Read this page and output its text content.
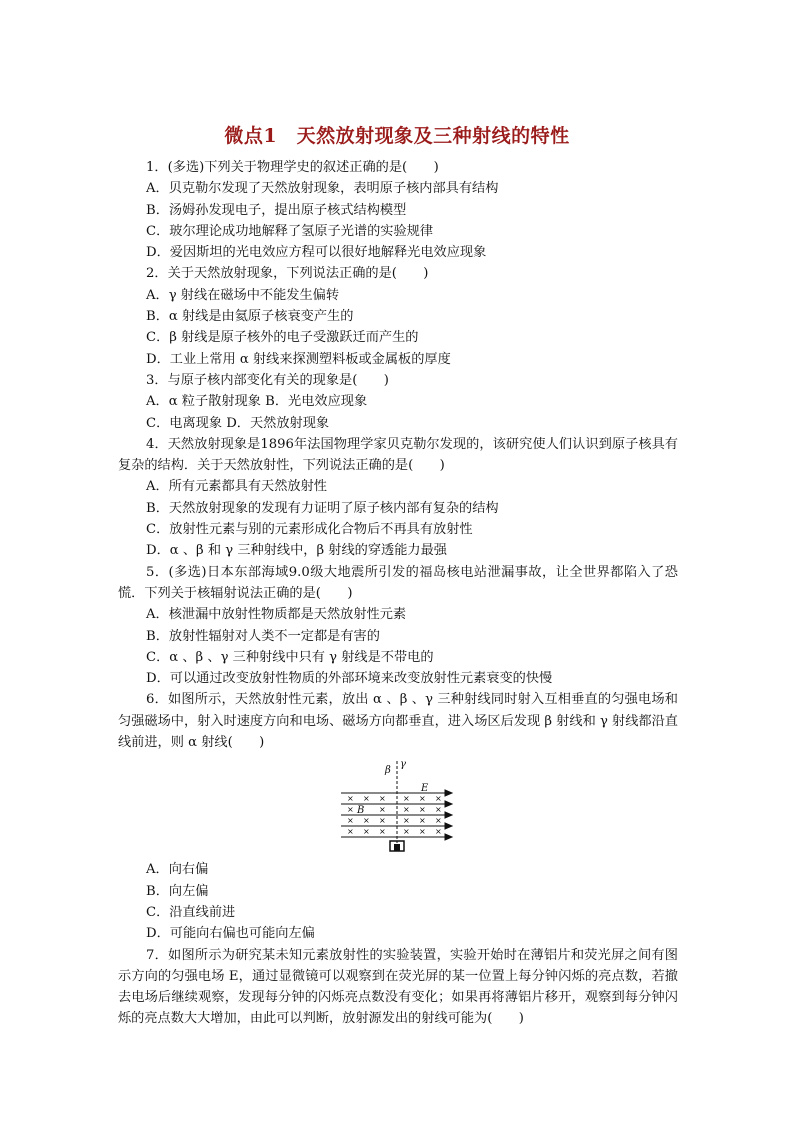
微点1　天然放射现象及三种射线的特性
1．(多选)下列关于物理学史的叙述正确的是(　　)
A．贝克勒尔发现了天然放射现象，表明原子核内部具有结构
B．汤姆孙发现电子，提出原子核式结构模型
C．玻尔理论成功地解释了氢原子光谱的实验规律
D．爱因斯坦的光电效应方程可以很好地解释光电效应现象
2．关于天然放射现象，下列说法正确的是(　　)
A．γ 射线在磁场中不能发生偏转
B．α 射线是由氦原子核衰变产生的
C．β 射线是原子核外的电子受激跃迁而产生的
D．工业上常用 α 射线来探测塑料板或金属板的厚度
3．与原子核内部变化有关的现象是(　　)
A．α 粒子散射现象 B．光电效应现象
C．电离现象 D．天然放射现象
4．天然放射现象是1896年法国物理学家贝克勒尔发现的，该研究使人们认识到原子核具有复杂的结构．关于天然放射性，下列说法正确的是(　　)
A．所有元素都具有天然放射性
B．天然放射现象的发现有力证明了原子核内部有复杂的结构
C．放射性元素与别的元素形成化合物后不再具有放射性
D．α 、β 和 γ 三种射线中，β 射线的穿透能力最强
5．(多选)日本东部海域9.0级大地震所引发的福岛核电站泄漏事故，让全世界都陷入了恐慌．下列关于核辐射说法正确的是(　　)
A．核泄漏中放射性物质都是天然放射性元素
B．放射性辐射对人类不一定都是有害的
C．α 、β 、γ 三种射线中只有 γ 射线是不带电的
D．可以通过改变放射性物质的外部环境来改变放射性元素衰变的快慢
6．如图所示，天然放射性元素，放出 α 、β 、γ 三种射线同时射入互相垂直的匀强电场和匀强磁场中，射入时速度方向和电场、磁场方向都垂直，进入场区后发现 β 射线和 γ 射线都沿直线前进，则 α 射线(　　)
× × × × × ×
×	× × × ×
× × × × × ×
× × × × × ×
β
γ
E
B
A．向右偏
B．向左偏
C．沿直线前进
D．可能向右偏也可能向左偏
7．如图所示为研究某未知元素放射性的实验装置，实验开始时在薄铝片和荧光屏之间有图示方向的匀强电场 E，通过显微镜可以观察到在荧光屏的某一位置上每分钟闪烁的亮点数，若撤去电场后继续观察，发现每分钟的闪烁亮点数没有变化；如果再将薄铝片移开，观察到每分钟闪烁的亮点数大大增加，由此可以判断，放射源发出的射线可能为(　　)
